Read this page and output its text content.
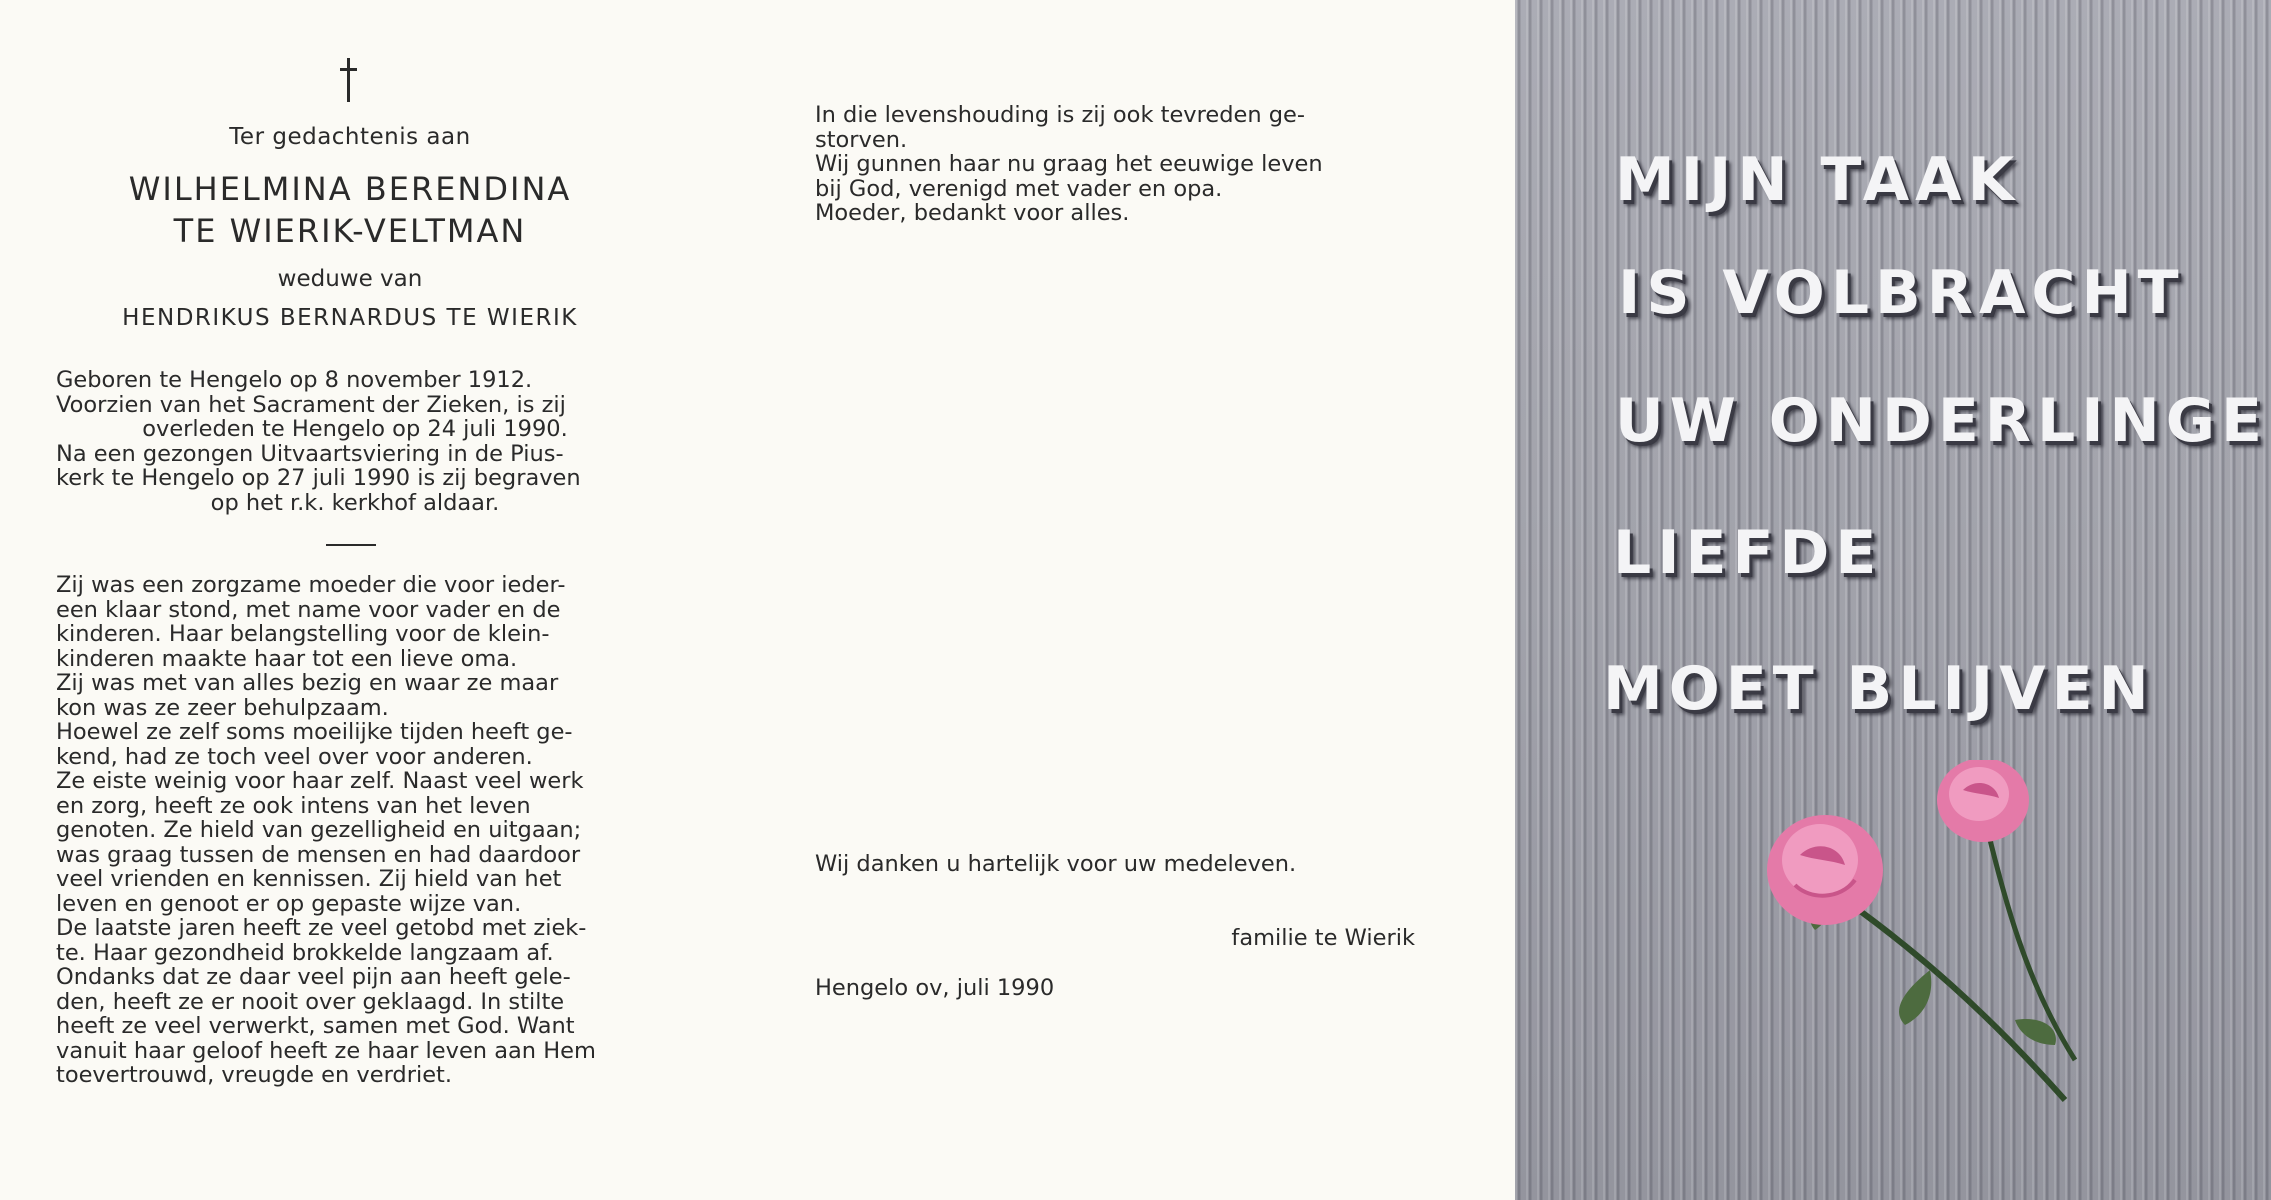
Ter gedachtenis aan
WILHELMINA BERENDINA
TE WIERIK-VELTMAN
weduwe van
HENDRIKUS BERNARDUS TE WIERIK

Geboren te Hengelo op 8 november 1912.

Voorzien van het Sacrament der Zieken, is zij

overleden te Hengelo op 24 juli 1990.

Na een gezongen Uitvaartsviering in de Pius-

kerk te Hengelo op 27 juli 1990 is zij begraven

op het r.k. kerkhof aldaar.

Zij was een zorgzame moeder die voor ieder-

een klaar stond, met name voor vader en de

kinderen. Haar belangstelling voor de klein-

kinderen maakte haar tot een lieve oma.

Zij was met van alles bezig en waar ze maar

kon was ze zeer behulpzaam.

Hoewel ze zelf soms moeilijke tijden heeft ge-

kend, had ze toch veel over voor anderen.

Ze eiste weinig voor haar zelf. Naast veel werk

en zorg, heeft ze ook intens van het leven

genoten. Ze hield van gezelligheid en uitgaan;

was graag tussen de mensen en had daardoor

veel vrienden en kennissen. Zij hield van het

leven en genoot er op gepaste wijze van.

De laatste jaren heeft ze veel getobd met ziek-

te. Haar gezondheid brokkelde langzaam af.

Ondanks dat ze daar veel pijn aan heeft gele-

den, heeft ze er nooit over geklaagd. In stilte

heeft ze veel verwerkt, samen met God. Want

vanuit haar geloof heeft ze haar leven aan Hem

toevertrouwd, vreugde en verdriet.

In die levenshouding is zij ook tevreden ge-
storven.
Wij gunnen haar nu graag het eeuwige leven
bij God, verenigd met vader en opa.

Moeder, bedankt voor alles.

Wij danken u hartelijk voor uw medeleven.
familie te Wierik
Hengelo ov, juli 1990
MIJN TAAK
IS VOLBRACHT
UW ONDERLINGE
LIEFDE
MOET BLIJVEN
